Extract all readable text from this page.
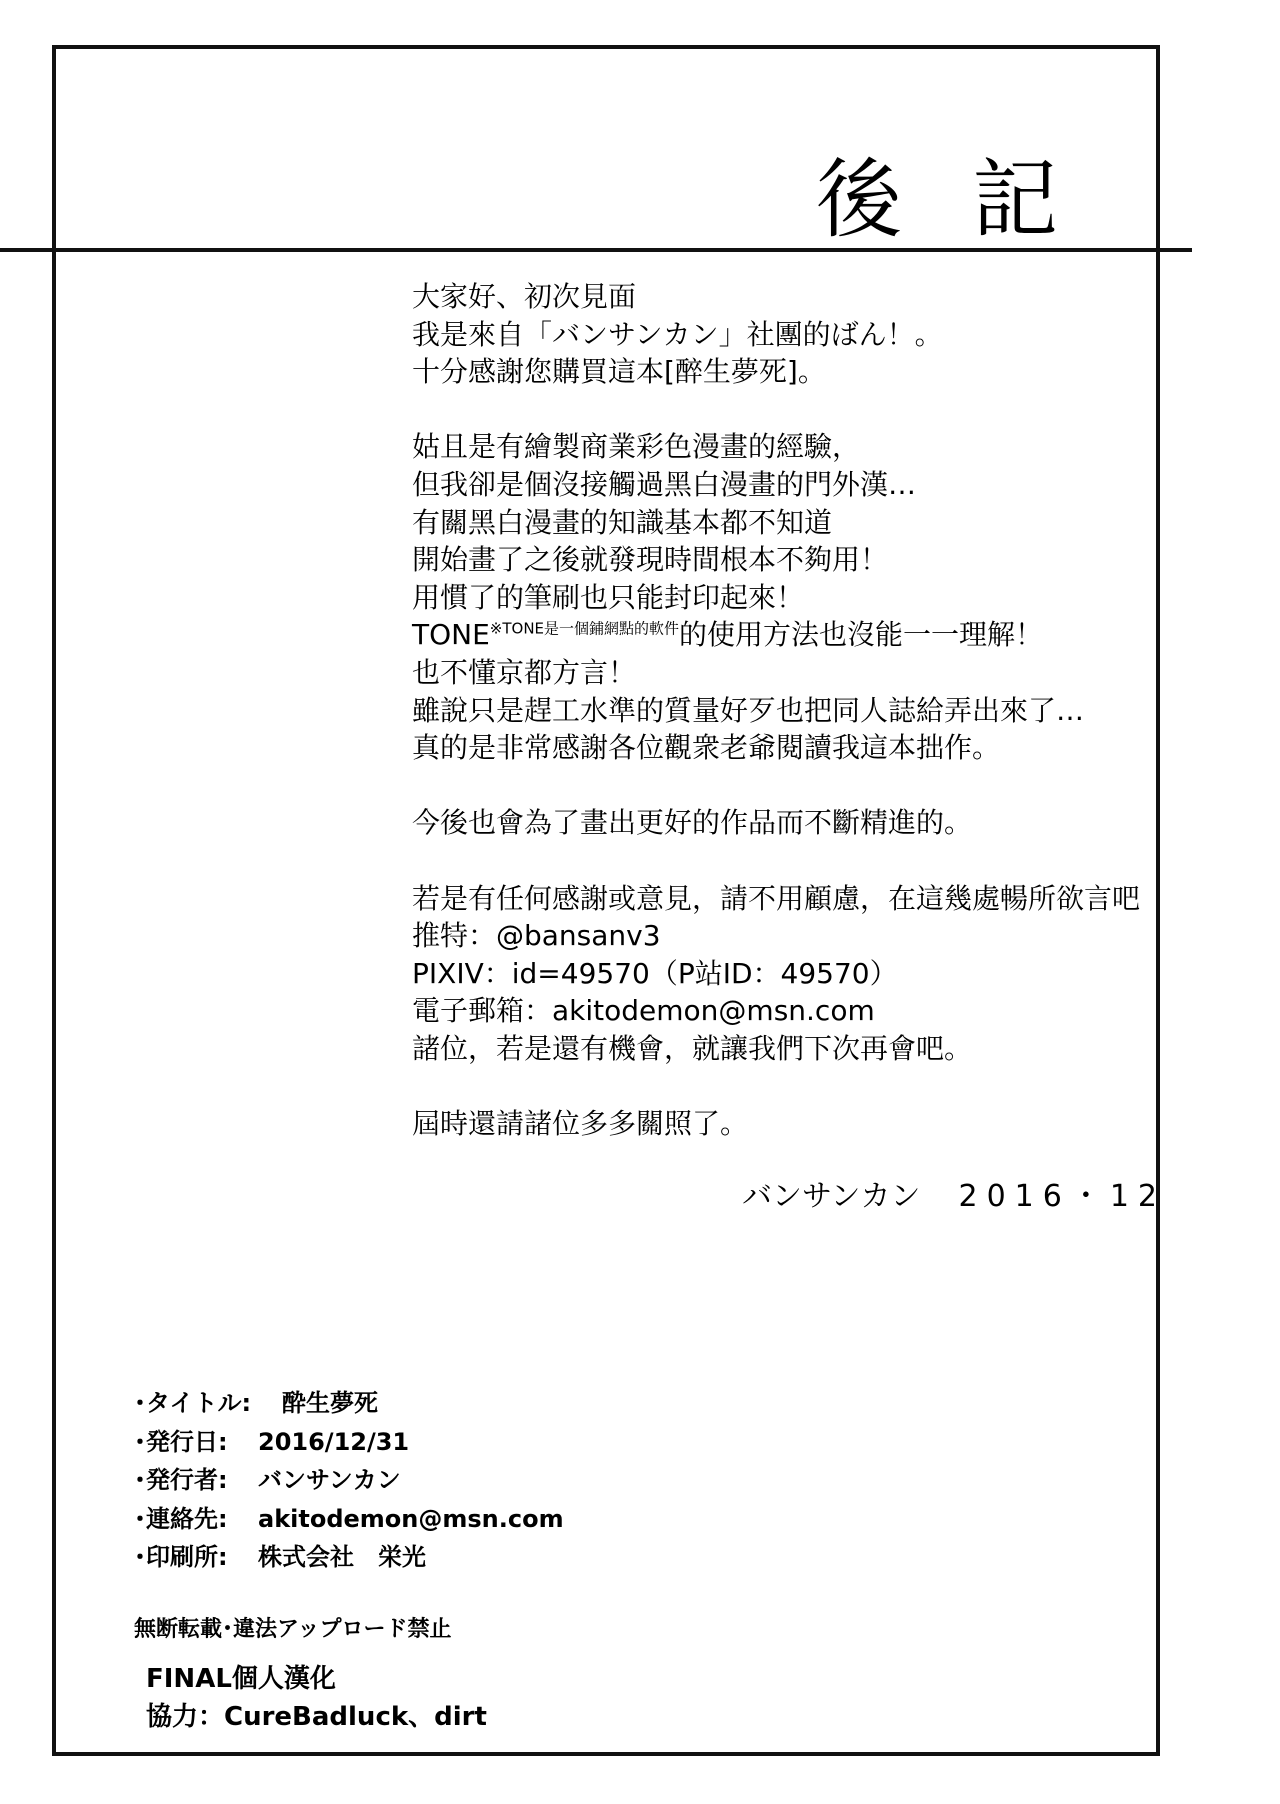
後記

大家好、初次見面
我是來自「バンサンカン」社團的ばん！。
十分感謝您購買這本[醉生夢死]。

姑且是有繪製商業彩色漫畫的經驗，
但我卻是個沒接觸過黑白漫畫的門外漢…
有關黑白漫畫的知識基本都不知道
開始畫了之後就發現時間根本不夠用！
用慣了的筆刷也只能封印起來！
$TONE^{※TONE是一個鋪網點的軟件}$的使用方法也沒能一一理解！
也不懂京都方言！
雖說只是趕工水準的質量好歹也把同人誌給弄出來了…
真的是非常感謝各位觀衆老爺閱讀我這本拙作。

今後也會為了畫出更好的作品而不斷精進的。

若是有任何感謝或意見，請不用顧慮，在這幾處暢所欲言吧
推特：@bansanv3
PIXIV：id=49570（P站ID：49570）
電子郵箱：akitodemon@msn.com
諸位，若是還有機會，就讓我們下次再會吧。

屆時還請諸位多多關照了。

バンサンカン 2016・12
･タイトル:	酔生夢死
･発行日:	2016/12/31
･発行者:	バンサンカン
･連絡先:	akitodemon@msn.com
･印刷所:	株式会社　栄光
無断転載･違法アップロード禁止
FINAL個人漢化
協力：CureBadluck、dirt
